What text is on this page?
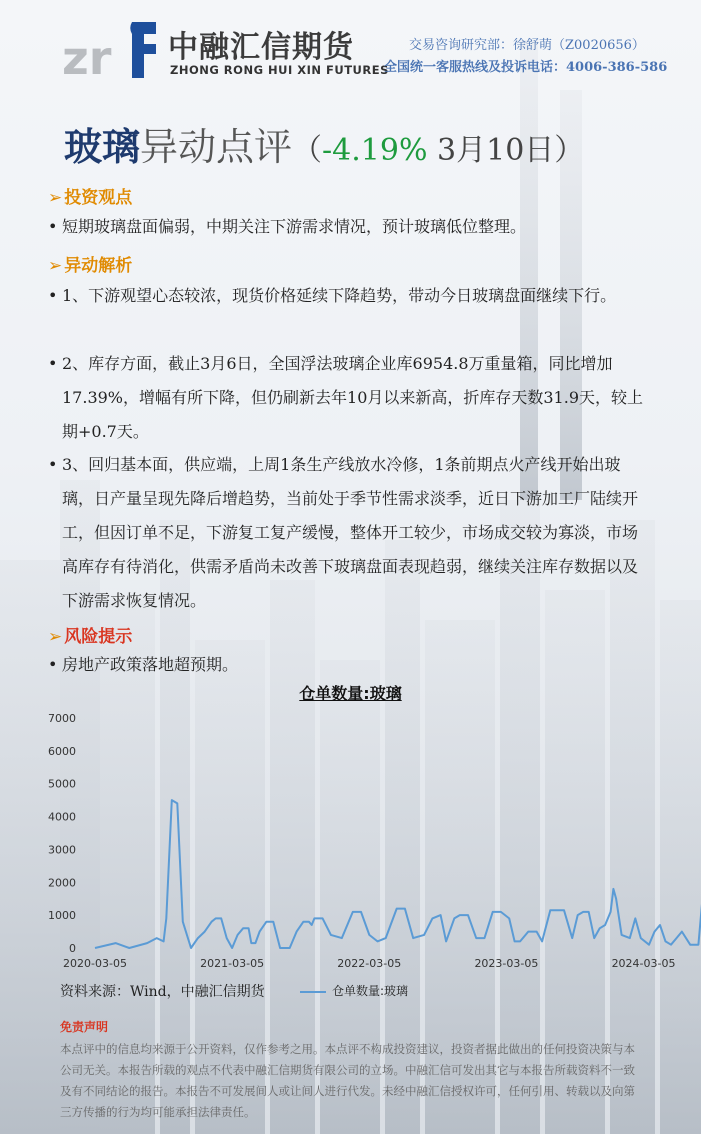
zr 中融汇信期货
ZHONG RONG HUI XIN FUTURES
交易咨询研究部：徐舒萌（Z0020656）
全国统一客服热线及投诉电话：4006-386-586
玻璃异动点评（-4.19% 3月10日）
➢ 投资观点
• 短期玻璃盘面偏弱，中期关注下游需求情况，预计玻璃低位整理。
➢ 异动解析
• 1、下游观望心态较浓，现货价格延续下降趋势，带动今日玻璃盘面继续下行。
• 2、库存方面，截止3月6日，全国浮法玻璃企业库6954.8万重量箱，同比增加17.39%，增幅有所下降，但仍刷新去年10月以来新高，折库存天数31.9天，较上期+0.7天。
• 3、回归基本面，供应端，上周1条生产线放水冷修，1条前期点火产线开始出玻璃，日产量呈现先降后增趋势，当前处于季节性需求淡季，近日下游加工厂陆续开工，但因订单不足，下游复工复产缓慢，整体开工较少，市场成交较为寡淡，市场高库存有待消化，供需矛盾尚未改善下玻璃盘面表现趋弱，继续关注库存数据以及下游需求恢复情况。
➢ 风险提示
• 房地产政策落地超预期。
仓单数量:玻璃
0
1000
2000
3000
4000
5000
6000
7000
2020-03-05	2021-03-05	2022-03-05	2023-03-05	2024-03-05
资料来源：Wind，中融汇信期货	仓单数量:玻璃
免责声明
本点评中的信息均来源于公开资料，仅作参考之用。本点评不构成投资建议，投资者据此做出的任何投资决策与本公司无关。本报告所载的观点不代表中融汇信期货有限公司的立场。中融汇信可发出其它与本报告所载资料不一致及有不同结论的报告。本报告不可发展间人或让间人进行代发。未经中融汇信授权许可，任何引用、转载以及向第三方传播的行为均可能承担法律责任。
